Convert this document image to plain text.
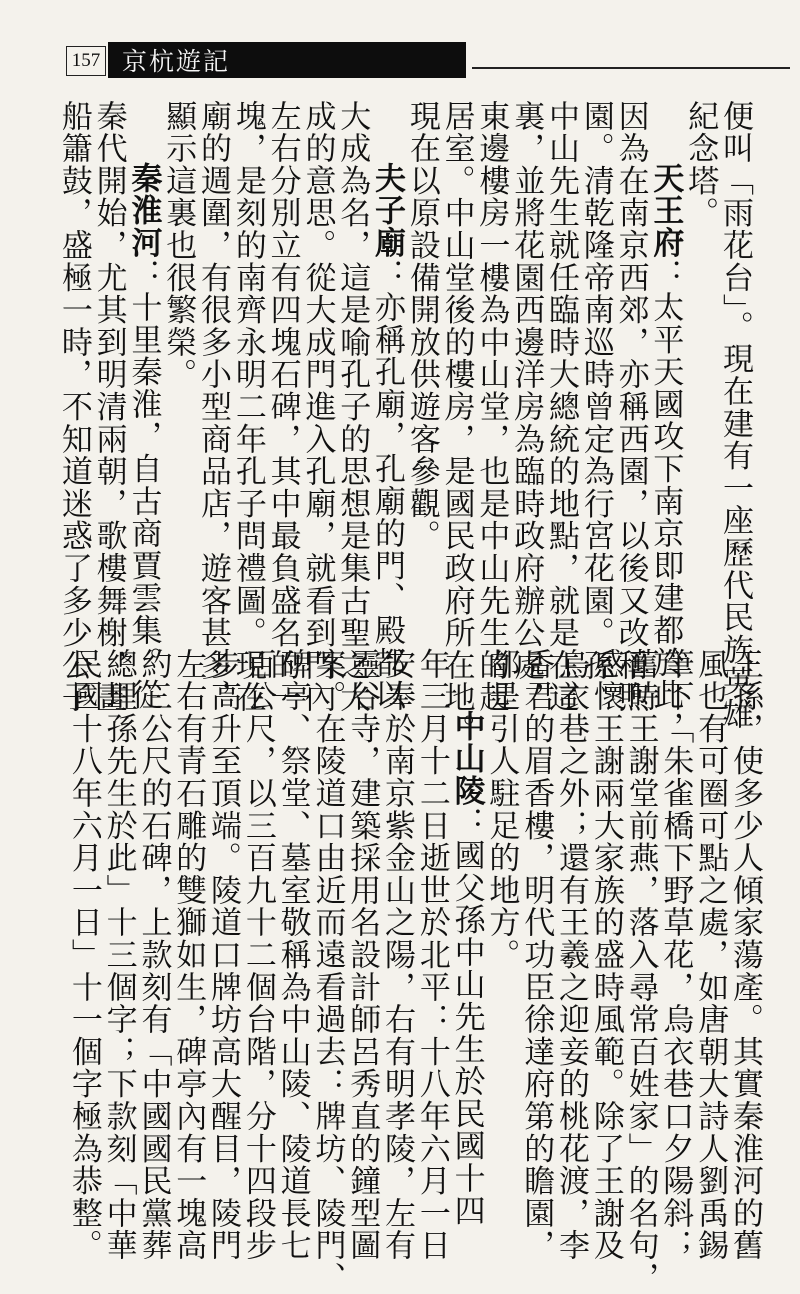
157 京杭遊記
便叫「雨花台」。現在建有一座歷代民族英雄
紀念塔。
天王府：太平天國攻下南京即建都於此，
因為在南京西郊，亦稱西園，以後又改稱煦
園。清乾隆帝南巡時曾定為行宮花園。孫
中山先生就任臨時大總統的地點，就是在這
裏，並將花園西邊洋房為臨時政府辦公處，
東邊樓房一樓為中山堂，也是中山先生的起
居室。中山堂後的樓房，是國民政府所在地。
現在以原設備開放供遊客參觀。
夫子廟：亦稱孔廟，孔廟的門、殿都以
大成為名，這是喻孔子的思想是集古聖之大
成的意思。從大成門進入孔廟，就看到門內
左右分別立有四塊石碑，其中最負盛名的一
塊，是刻的南齊永明二年孔子問禮圖。現在
廟的週圍，有很多小型商品店，遊客甚多，
顯示這裏也很繁榮。
秦淮河：十里秦淮，自古商賈雲集。從
秦代開始，尤其到明清兩朝，歌樓舞榭，畫
船簫鼓，盛極一時，不知道迷惑了多少公子
王孫，使多少人傾家蕩產。其實秦淮河的舊
風也有可圈可點之處，如唐朝大詩人劉禹錫
筆下「朱雀橋下野草花，烏衣巷口夕陽斜；
舊時王謝堂前燕，落入尋常百姓家」的名句，
感懷王謝兩大家族的盛時風範。除了王謝及
烏衣巷之外；還有王羲之迎妾的桃花渡，李
香君的眉香樓，明代功臣徐達府第的瞻園，
都是引人駐足的地方。
中山陵：國父孫中山先生於民國十四
年三月十二日逝世於北平：十八年六月一日
安奉於南京紫金山之陽，右有明孝陵，左有
靈谷寺，建築採用名設計師呂秀直的鐘型圖
案。在陵道口由近而遠看過去：牌坊、陵門、
碑亭、祭堂、墓室敬稱為中山陵、陵道長七
百公尺，以三百九十二個台階，分十四段步
步高升至頂端。陵道口牌坊高大醒目，陵門
左右有青石雕的雙獅如生，碑亭內有一塊高
約三公尺的石碑，上款刻有「中國國民黨葬
總理孫先生於此」十三個字；下款刻「中華
民國十八年六月一日」十一個字極為恭整。
